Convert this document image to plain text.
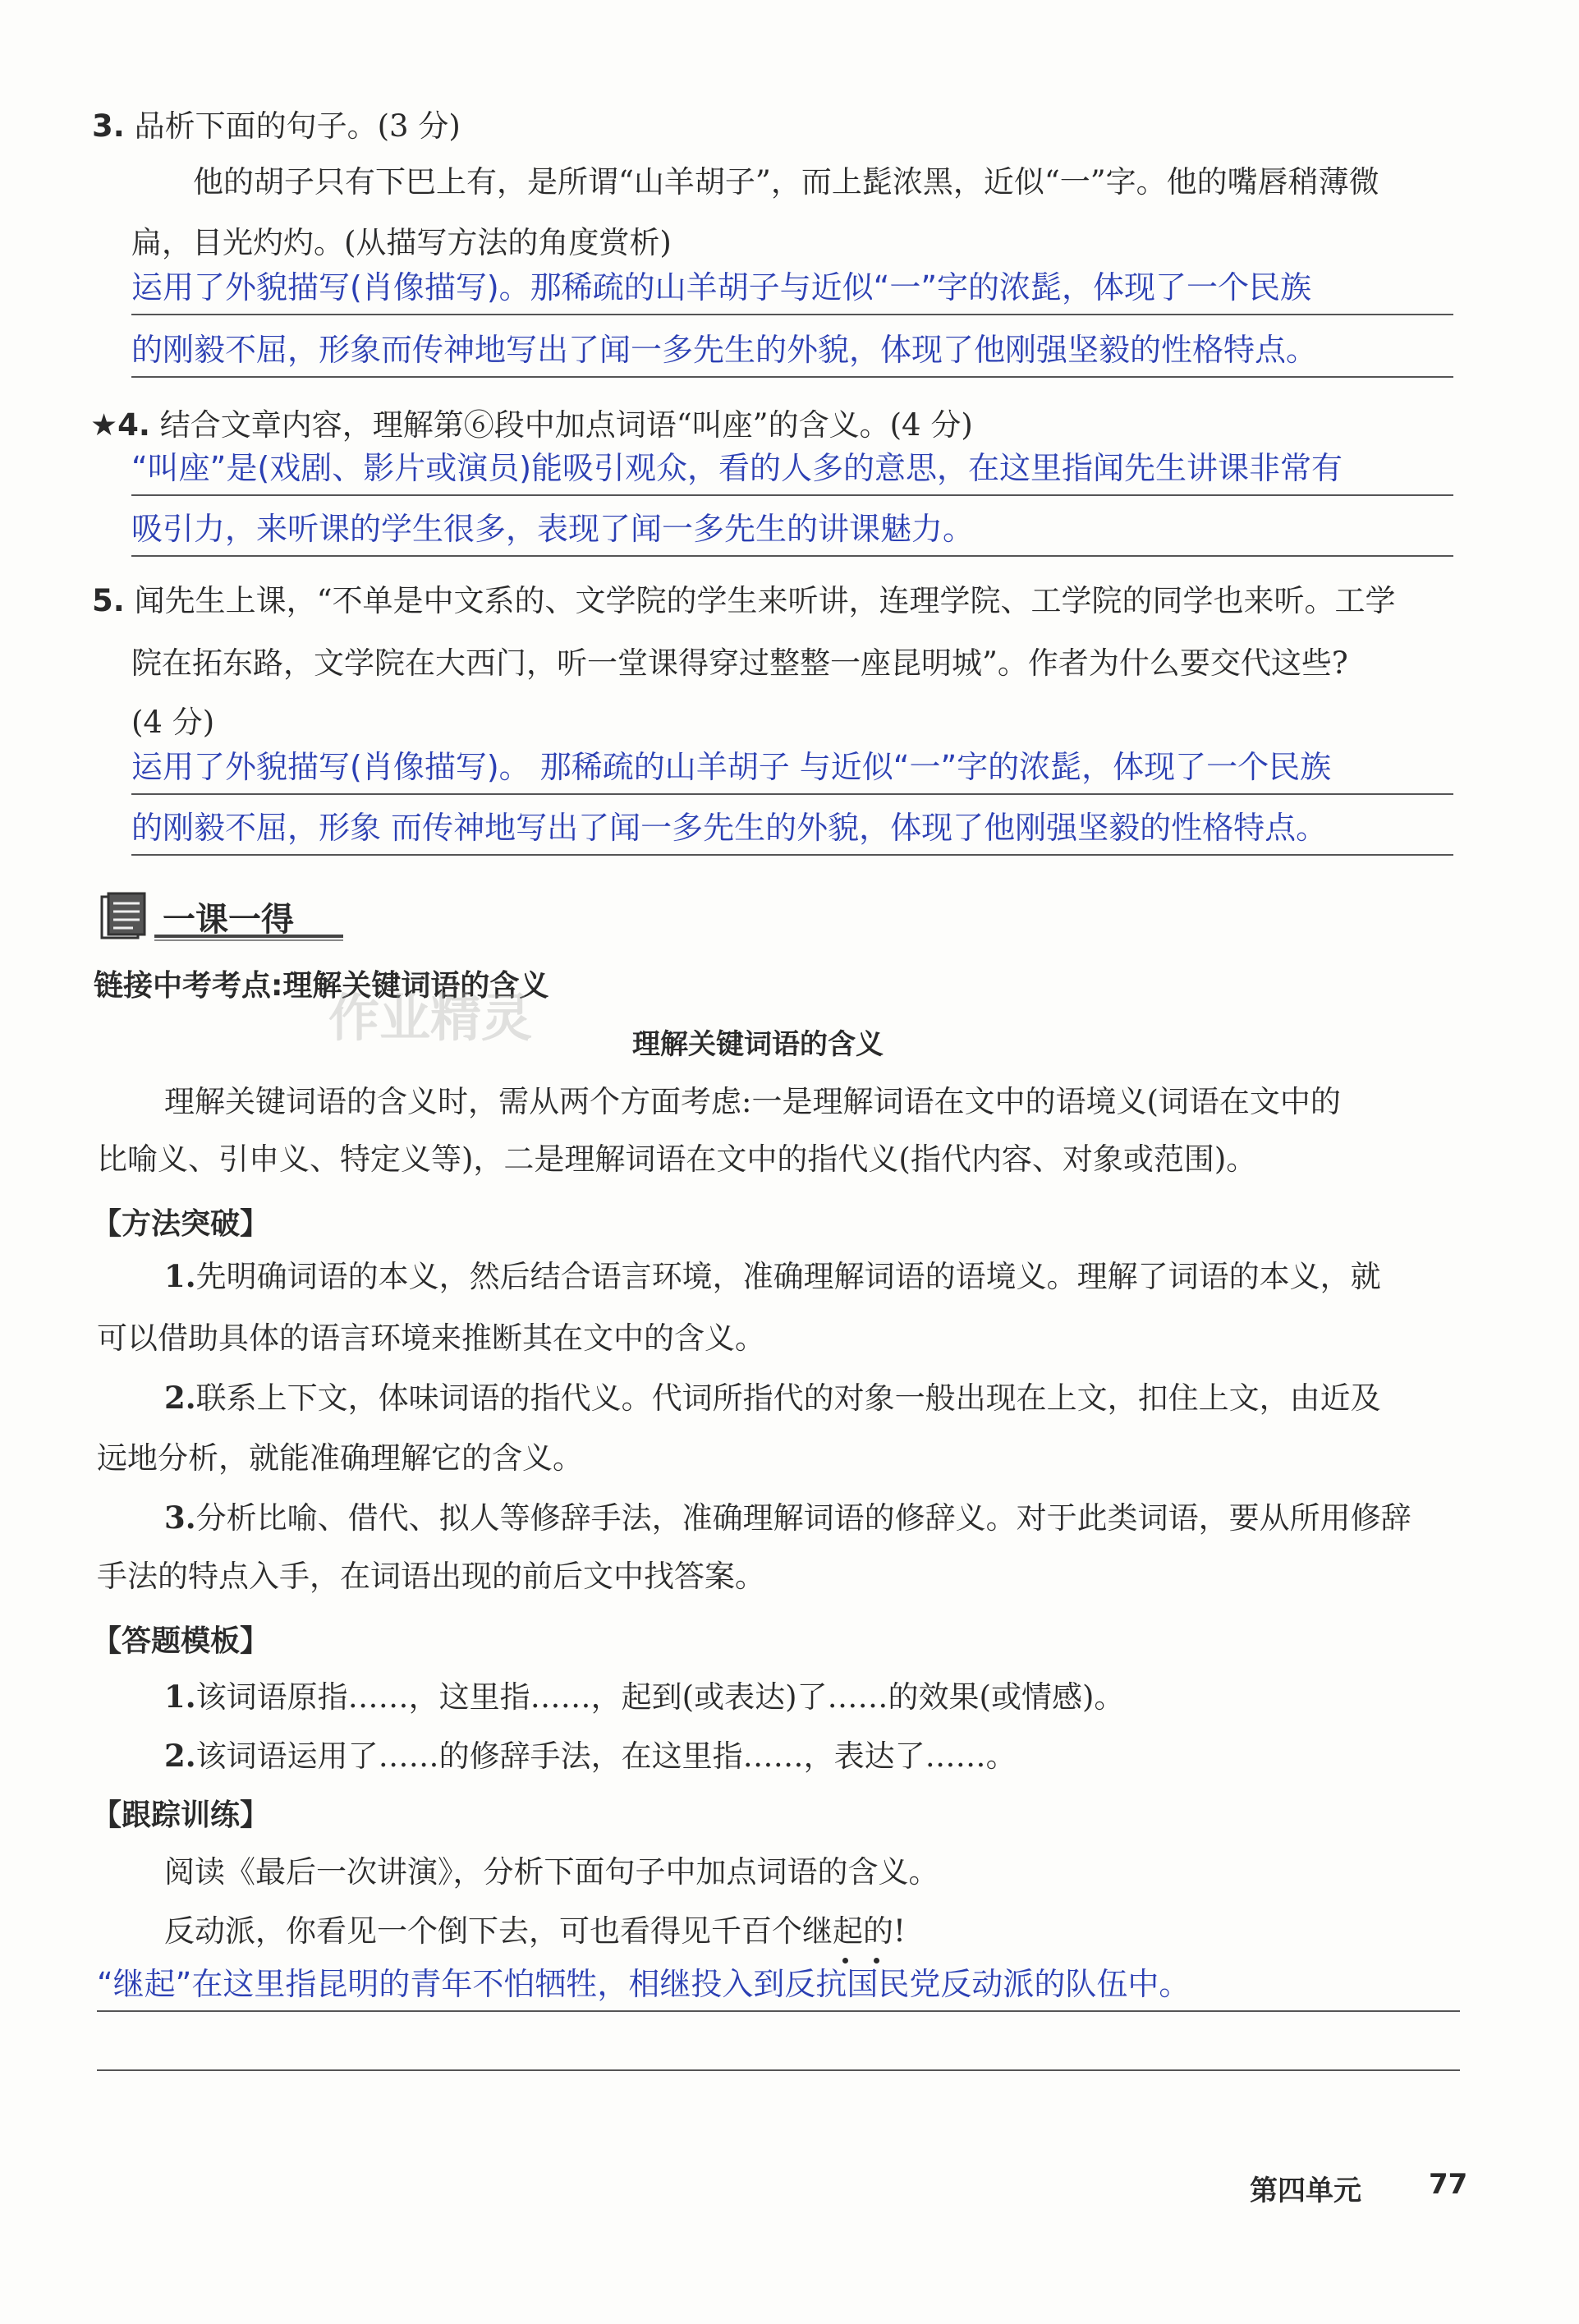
3. 品析下面的句子。(3 分)
他的胡子只有下巴上有，是所谓“山羊胡子”，而上髭浓黑，近似“一”字。他的嘴唇稍薄微
扁，目光灼灼。(从描写方法的角度赏析)
运用了外貌描写(肖像描写)。那稀疏的山羊胡子与近似“一”字的浓髭，体现了一个民族
的刚毅不屈，形象而传神地写出了闻一多先生的外貌，体现了他刚强坚毅的性格特点。
★4. 结合文章内容，理解第⑥段中加点词语“叫座”的含义。(4 分)
“叫座”是(戏剧、影片或演员)能吸引观众，看的人多的意思，在这里指闻先生讲课非常有
吸引力，来听课的学生很多，表现了闻一多先生的讲课魅力。
5. 闻先生上课，“不单是中文系的、文学院的学生来听讲，连理学院、工学院的同学也来听。工学
院在拓东路，文学院在大西门，听一堂课得穿过整整一座昆明城”。作者为什么要交代这些?
(4 分)
运用了外貌描写(肖像描写)。 那稀疏的山羊胡子 与近似“一”字的浓髭，体现了一个民族
的刚毅不屈，形象 而传神地写出了闻一多先生的外貌，体现了他刚强坚毅的性格特点。
一课一得
链接中考考点:理解关键词语的含义
理解关键词语的含义
理解关键词语的含义时，需从两个方面考虑:一是理解词语在文中的语境义(词语在文中的
比喻义、引申义、特定义等)，二是理解词语在文中的指代义(指代内容、对象或范围)。
【方法突破】
1.先明确词语的本义，然后结合语言环境，准确理解词语的语境义。理解了词语的本义，就
可以借助具体的语言环境来推断其在文中的含义。
2.联系上下文，体味词语的指代义。代词所指代的对象一般出现在上文，扣住上文，由近及
远地分析，就能准确理解它的含义。
3.分析比喻、借代、拟人等修辞手法，准确理解词语的修辞义。对于此类词语，要从所用修辞
手法的特点入手，在词语出现的前后文中找答案。
【答题模板】
1.该词语原指……，这里指……，起到(或表达)了……的效果(或情感)。
2.该词语运用了……的修辞手法，在这里指……，表达了……。
【跟踪训练】
阅读《最后一次讲演》，分析下面句子中加点词语的含义。
反动派，你看见一个倒下去，可也看得见千百个继起的!
“继起”在这里指昆明的青年不怕牺牲，相继投入到反抗国民党反动派的队伍中。
第四单元 77
作业精灵
